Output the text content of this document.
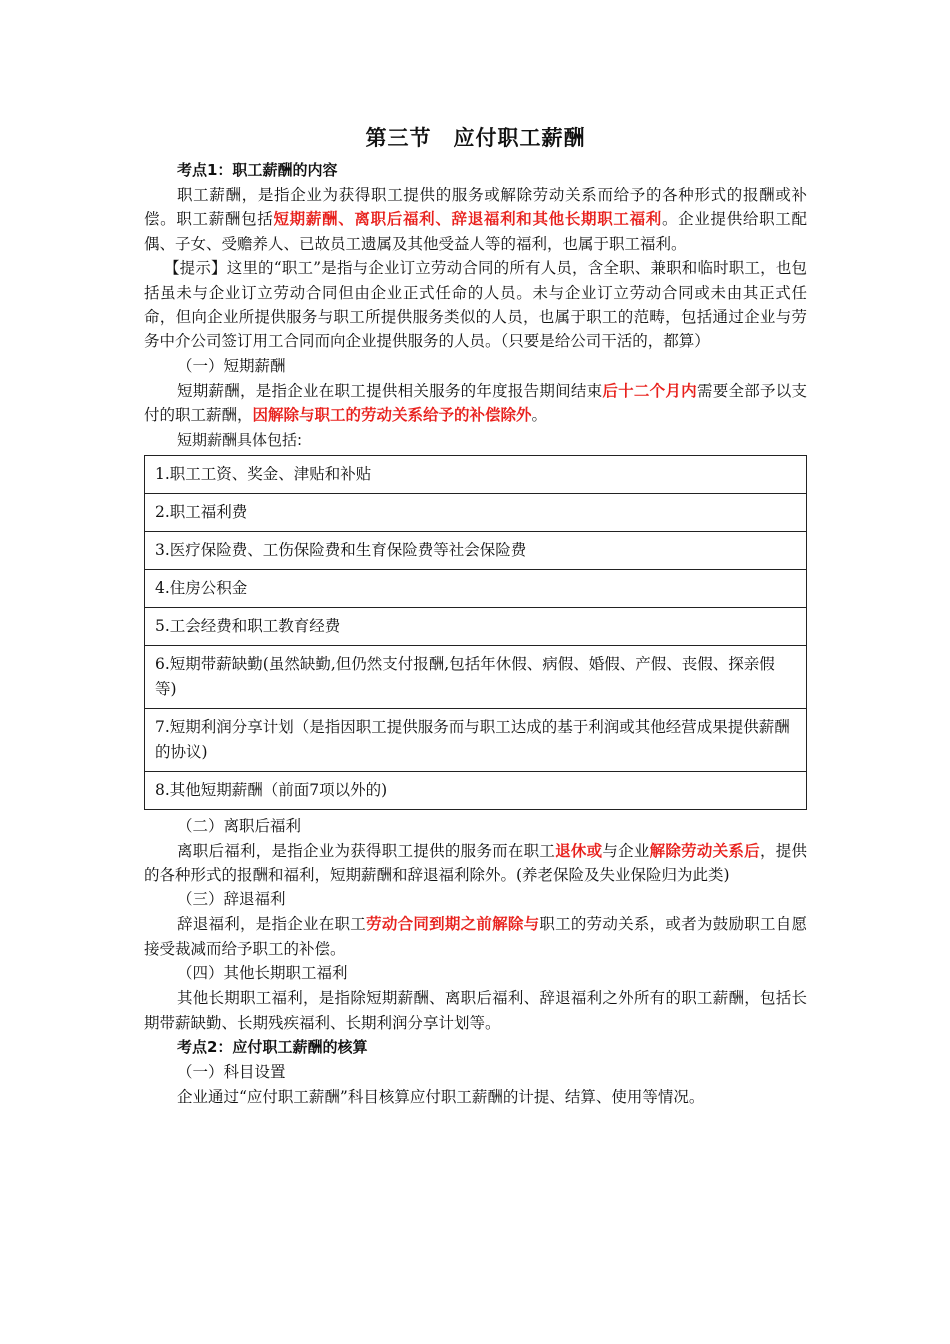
第三节　应付职工薪酬
考点1：职工薪酬的内容

职工薪酬，是指企业为获得职工提供的服务或解除劳动关系而给予的各种形式的报酬或补偿。职工薪酬包括短期薪酬、离职后福利、辞退福利和其他长期职工福利。企业提供给职工配偶、子女、受赡养人、已故员工遗属及其他受益人等的福利，也属于职工福利。

【提示】这里的“职工”是指与企业订立劳动合同的所有人员，含全职、兼职和临时职工，也包括虽未与企业订立劳动合同但由企业正式任命的人员。未与企业订立劳动合同或未由其正式任命，但向企业所提供服务与职工所提供服务类似的人员，也属于职工的范畴，包括通过企业与劳务中介公司签订用工合同而向企业提供服务的人员。（只要是给公司干活的，都算）

（一）短期薪酬

短期薪酬，是指企业在职工提供相关服务的年度报告期间结束后十二个月内需要全部予以支付的职工薪酬，因解除与职工的劳动关系给予的补偿除外。

短期薪酬具体包括:
1.职工工资、奖金、津贴和补贴
2.职工福利费
3.医疗保险费、工伤保险费和生育保险费等社会保险费
4.住房公积金
5.工会经费和职工教育经费
6.短期带薪缺勤(虽然缺勤,但仍然支付报酬,包括年休假、病假、婚假、产假、丧假、探亲假等)
7.短期利润分享计划（是指因职工提供服务而与职工达成的基于利润或其他经营成果提供薪酬的协议)
8.其他短期薪酬（前面7项以外的)
（二）离职后福利

离职后福利，是指企业为获得职工提供的服务而在职工退休或与企业解除劳动关系后，提供的各种形式的报酬和福利，短期薪酬和辞退福利除外。(养老保险及失业保险归为此类)

（三）辞退福利

辞退福利，是指企业在职工劳动合同到期之前解除与职工的劳动关系，或者为鼓励职工自愿接受裁减而给予职工的补偿。

（四）其他长期职工福利

其他长期职工福利，是指除短期薪酬、离职后福利、辞退福利之外所有的职工薪酬，包括长期带薪缺勤、长期残疾福利、长期利润分享计划等。

考点2：应付职工薪酬的核算
（一）科目设置

企业通过“应付职工薪酬”科目核算应付职工薪酬的计提、结算、使用等情况。
